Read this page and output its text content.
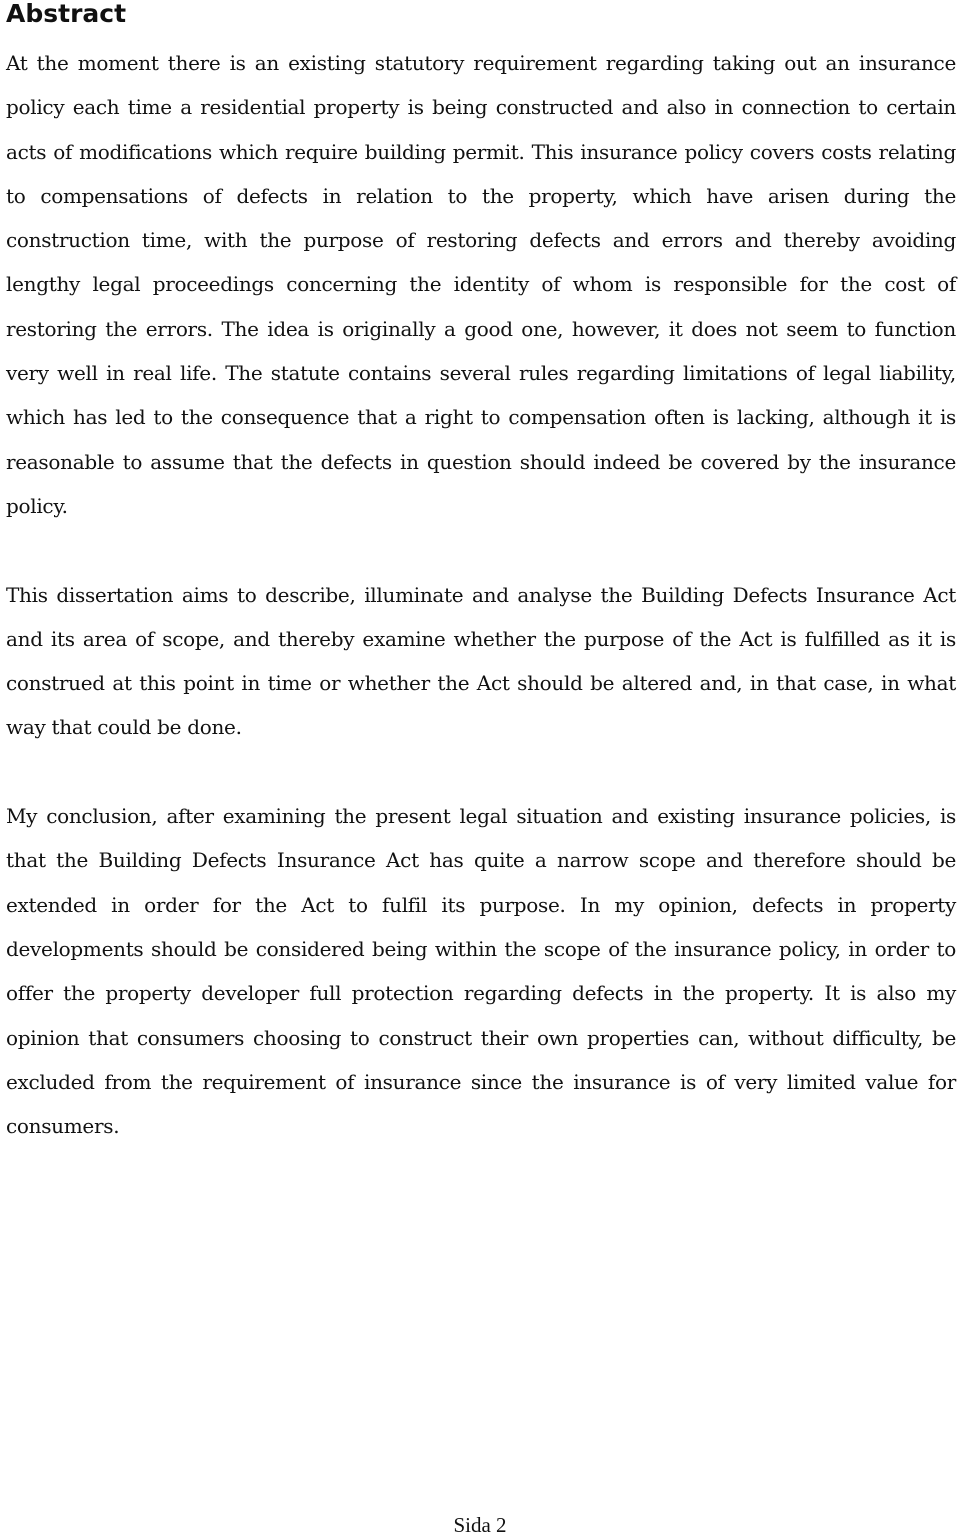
Abstract

At the moment there is an existing statutory requirement regarding taking out an insurance policy each time a residential property is being constructed and also in connection to certain acts of modifications which require building permit. This insurance policy covers costs relating to compensations of defects in relation to the property, which have arisen during the construction time, with the purpose of restoring defects and errors and thereby avoiding lengthy legal proceedings concerning the identity of whom is responsible for the cost of restoring the errors. The idea is originally a good one, however, it does not seem to function very well in real life. The statute contains several rules regarding limitations of legal liability, which has led to the consequence that a right to compensation often is lacking, although it is reasonable to assume that the defects in question should indeed be covered by the insurance policy.

This dissertation aims to describe, illuminate and analyse the Building Defects Insurance Act and its area of scope, and thereby examine whether the purpose of the Act is fulfilled as it is construed at this point in time or whether the Act should be altered and, in that case, in what way that could be done.

My conclusion, after examining the present legal situation and existing insurance policies, is that the Building Defects Insurance Act has quite a narrow scope and therefore should be extended in order for the Act to fulfil its purpose. In my opinion, defects in property developments should be considered being within the scope of the insurance policy, in order to offer the property developer full protection regarding defects in the property. It is also my opinion that consumers choosing to construct their own properties can, without difficulty, be excluded from the requirement of insurance since the insurance is of very limited value for consumers.

Sida 2
